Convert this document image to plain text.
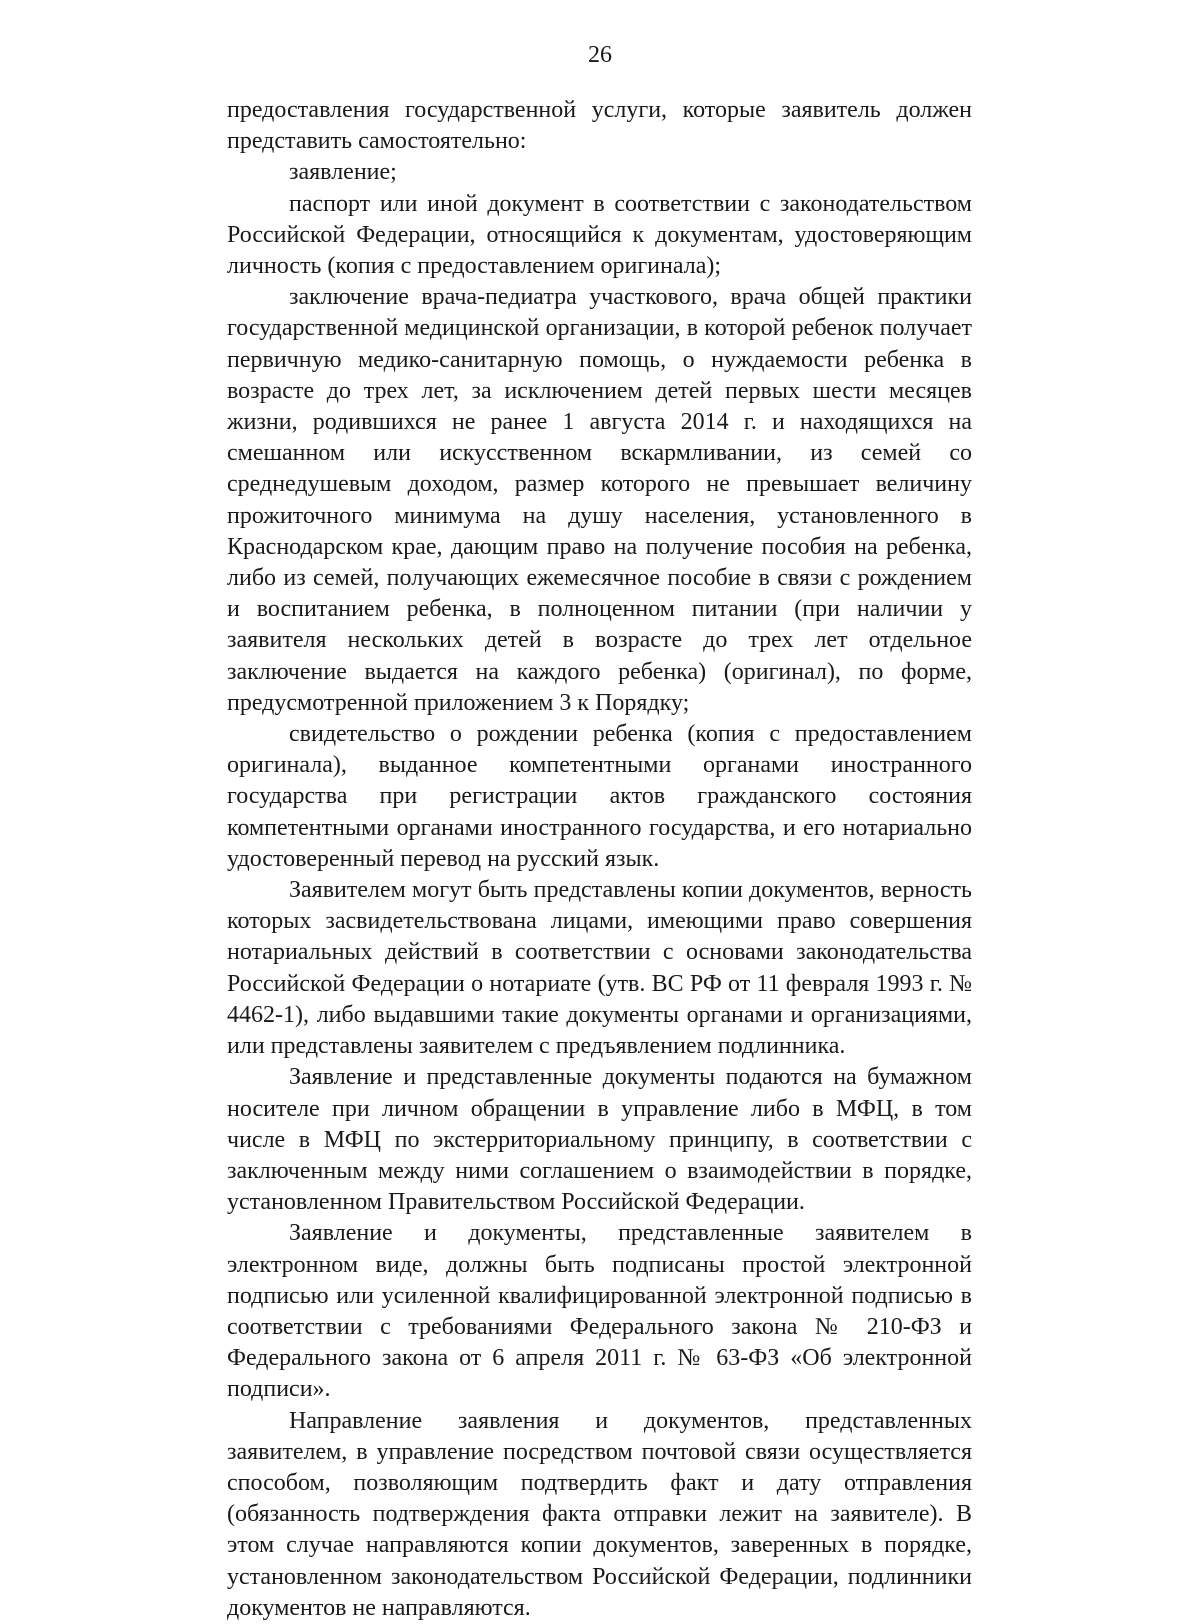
26

предоставления государственной услуги, которые заявитель должен представить самостоятельно:

заявление;

паспорт или иной документ в соответствии с законодательством Российской Федерации, относящийся к документам, удостоверяющим личность (копия с предоставлением оригинала);

заключение врача-педиатра участкового, врача общей практики государственной медицинской организации, в которой ребенок получает первичную медико-санитарную помощь, о нуждаемости ребенка в возрасте до трех лет, за исключением детей первых шести месяцев жизни, родившихся не ранее 1 августа 2014 г. и находящихся на смешанном или искусственном вскармливании, из семей со среднедушевым доходом, размер которого не превышает величину прожиточного минимума на душу населения, установленного в Краснодарском крае, дающим право на получение пособия на ребенка, либо из семей, получающих ежемесячное пособие в связи с рождением и воспитанием ребенка, в полноценном питании (при наличии у заявителя нескольких детей в возрасте до трех лет отдельное заключение выдается на каждого ребенка) (оригинал), по форме, предусмотренной приложением 3 к Порядку;

свидетельство о рождении ребенка (копия с предоставлением оригинала), выданное компетентными органами иностранного государства при регистрации актов гражданского состояния компетентными органами иностранного государства, и его нотариально удостоверенный перевод на русский язык.

Заявителем могут быть представлены копии документов, верность которых засвидетельствована лицами, имеющими право совершения нотариальных действий в соответствии с основами законодательства Российской Федерации о нотариате (утв. ВС РФ от 11 февраля 1993 г. № 4462-1), либо выдавшими такие документы органами и организациями, или представлены заявителем с предъявлением подлинника.

Заявление и представленные документы подаются на бумажном носителе при личном обращении в управление либо в МФЦ, в том числе в МФЦ по экстерриториальному принципу, в соответствии с заключенным между ними соглашением о взаимодействии в порядке, установленном Правительством Российской Федерации.

Заявление и документы, представленные заявителем в электронном виде, должны быть подписаны простой электронной подписью или усиленной квалифицированной электронной подписью в соответствии с требованиями Федерального закона № 210-ФЗ и Федерального закона от 6 апреля 2011 г. № 63-ФЗ «Об электронной подписи».

Направление заявления и документов, представленных заявителем, в управление посредством почтовой связи осуществляется способом, позволяющим подтвердить факт и дату отправления (обязанность подтверждения факта отправки лежит на заявителе). В этом случае направляются копии документов, заверенных в порядке, установленном законодательством Российской Федерации, подлинники документов не направляются.
